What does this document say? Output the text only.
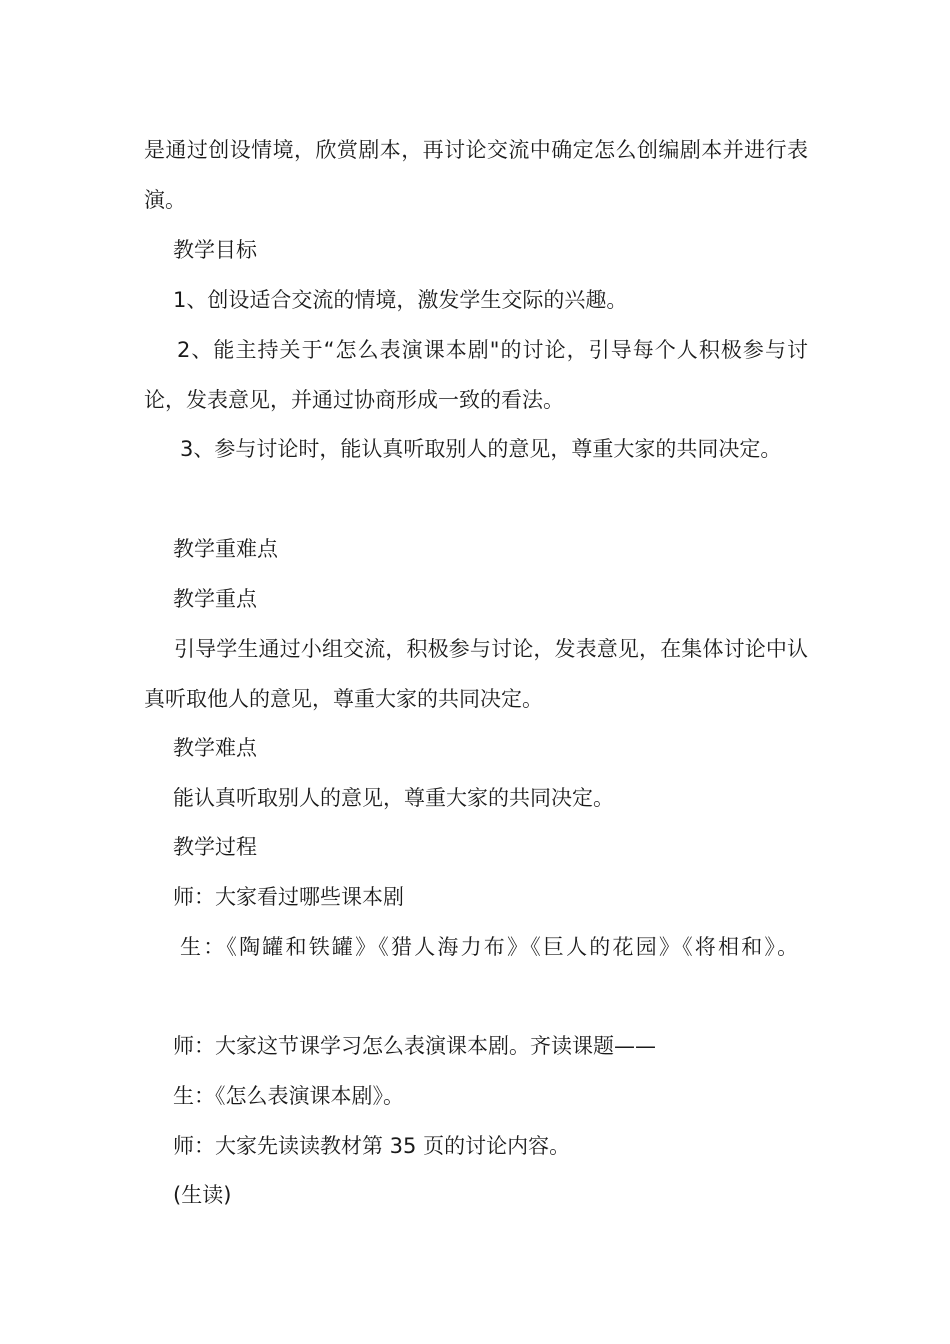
是通过创设情境，欣赏剧本，再讨论交流中确定怎么创编剧本并进行表演。

教学目标

1、创设适合交流的情境，激发学生交际的兴趣。

2、能主持关于“怎么表演课本剧"的讨论，引导每个人积极参与讨论，发表意见，并通过协商形成一致的看法。

3、参与讨论时，能认真听取别人的意见，尊重大家的共同决定。

教学重难点

教学重点

引导学生通过小组交流，积极参与讨论，发表意见，在集体讨论中认真听取他人的意见，尊重大家的共同决定。

教学难点

能认真听取别人的意见，尊重大家的共同决定。

教学过程

师：大家看过哪些课本剧

生：《陶罐和铁罐》《猎人海力布》《巨人的花园》《将相和》。

师：大家这节课学习怎么表演课本剧。齐读课题——

生：《怎么表演课本剧》。

师：大家先读读教材第 35 页的讨论内容。

(生读)
